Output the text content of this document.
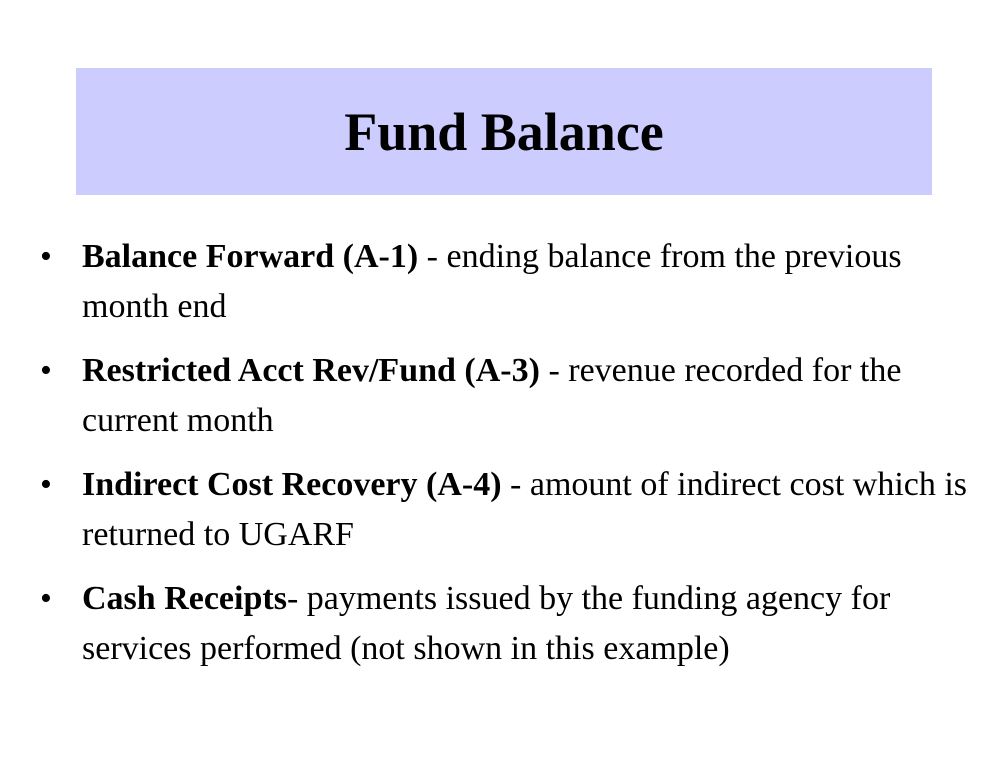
Fund Balance
• Balance Forward (A-1) - ending balance from the previous month end
• Restricted Acct Rev/Fund (A-3) - revenue recorded for the current month
• Indirect Cost Recovery (A-4) - amount of indirect cost which is returned to UGARF
• Cash Receipts- payments issued by the funding agency for services performed (not shown in this example)
